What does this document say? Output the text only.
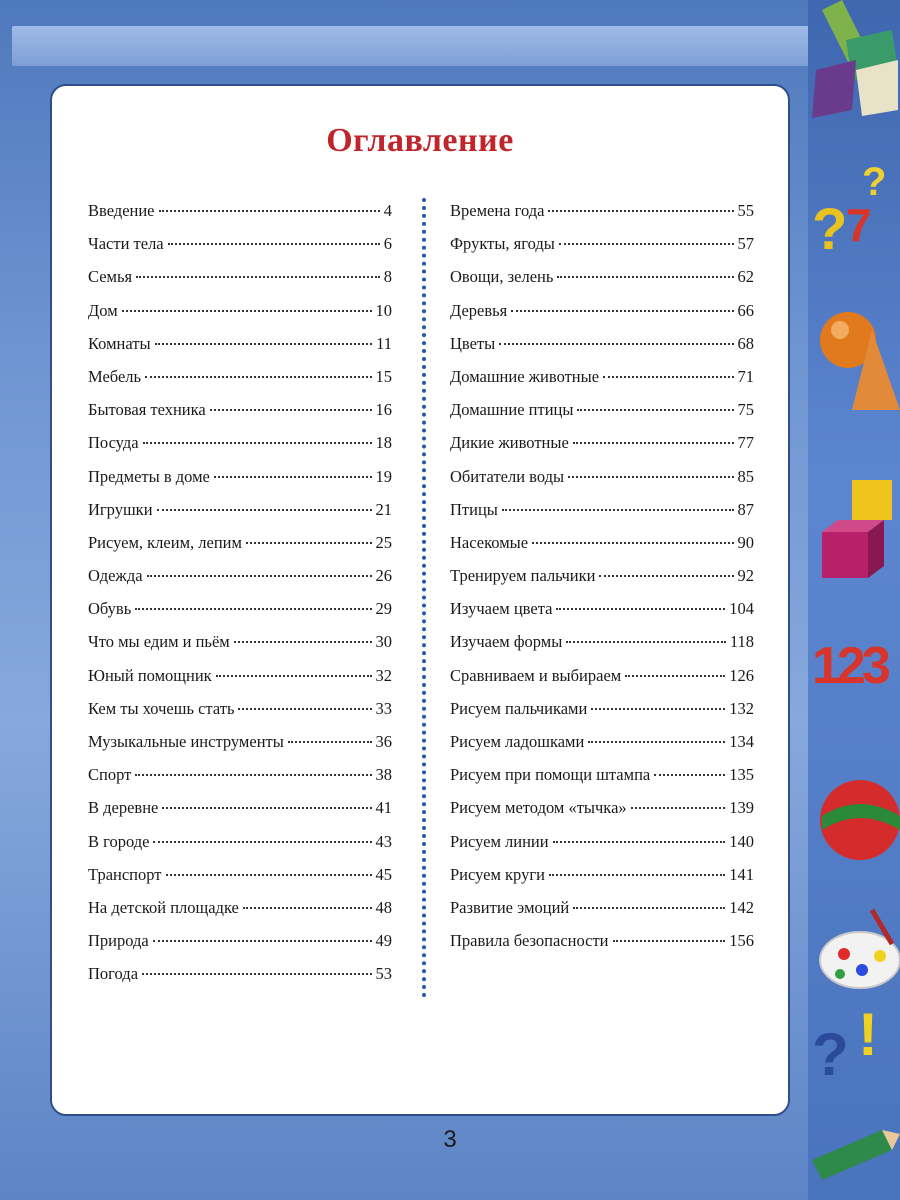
?
7
?
123
? !
Оглавление
Введение	4
Части тела	6
Семья	8
Дом	10
Комнаты	11
Мебель	15
Бытовая техника	16
Посуда	18
Предметы в доме	19
Игрушки	21
Рисуем, клеим, лепим	25
Одежда	26
Обувь	29
Что мы едим и пьём	30
Юный помощник	32
Кем ты хочешь стать	33
Музыкальные инструменты	36
Спорт	38
В деревне	41
В городе	43
Транспорт	45
На детской площадке	48
Природа	49
Погода	53
Времена года	55
Фрукты, ягоды	57
Овощи, зелень	62
Деревья	66
Цветы	68
Домашние животные	71
Домашние птицы	75
Дикие животные	77
Обитатели воды	85
Птицы	87
Насекомые	90
Тренируем пальчики	92
Изучаем цвета	104
Изучаем формы	118
Сравниваем и выбираем	126
Рисуем пальчиками	132
Рисуем ладошками	134
Рисуем при помощи штампа	135
Рисуем методом «тычка»	139
Рисуем линии	140
Рисуем круги	141
Развитие эмоций	142
Правила безопасности	156
3
